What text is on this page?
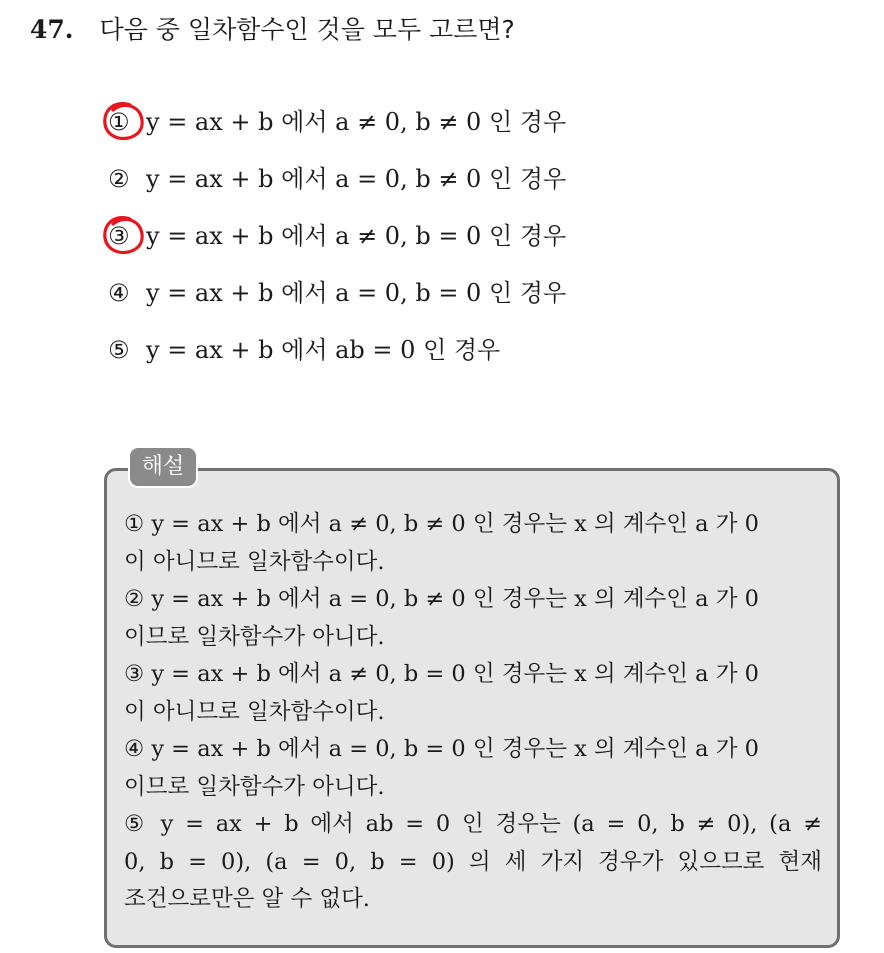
47. 다음 중 일차함수인 것을 모두 고르면?
① y = ax + b 에서 a ≠ 0, b ≠ 0 인 경우
② y = ax + b 에서 a = 0, b ≠ 0 인 경우
③ y = ax + b 에서 a ≠ 0, b = 0 인 경우
④ y = ax + b 에서 a = 0, b = 0 인 경우
⑤ y = ax + b 에서 ab = 0 인 경우
해설
① y = ax + b 에서 a ≠ 0, b ≠ 0 인 경우는 x 의 계수인 a 가 0
이 아니므로 일차함수이다.
② y = ax + b 에서 a = 0, b ≠ 0 인 경우는 x 의 계수인 a 가 0
이므로 일차함수가 아니다.
③ y = ax + b 에서 a ≠ 0, b = 0 인 경우는 x 의 계수인 a 가 0
이 아니므로 일차함수이다.
④ y = ax + b 에서 a = 0, b = 0 인 경우는 x 의 계수인 a 가 0
이므로 일차함수가 아니다.
⑤ y = ax + b 에서 ab = 0 인 경우는 (a = 0, b ≠ 0), (a ≠
0, b = 0), (a = 0, b = 0) 의 세 가지 경우가 있으므로 현재
조건으로만은 알 수 없다.
